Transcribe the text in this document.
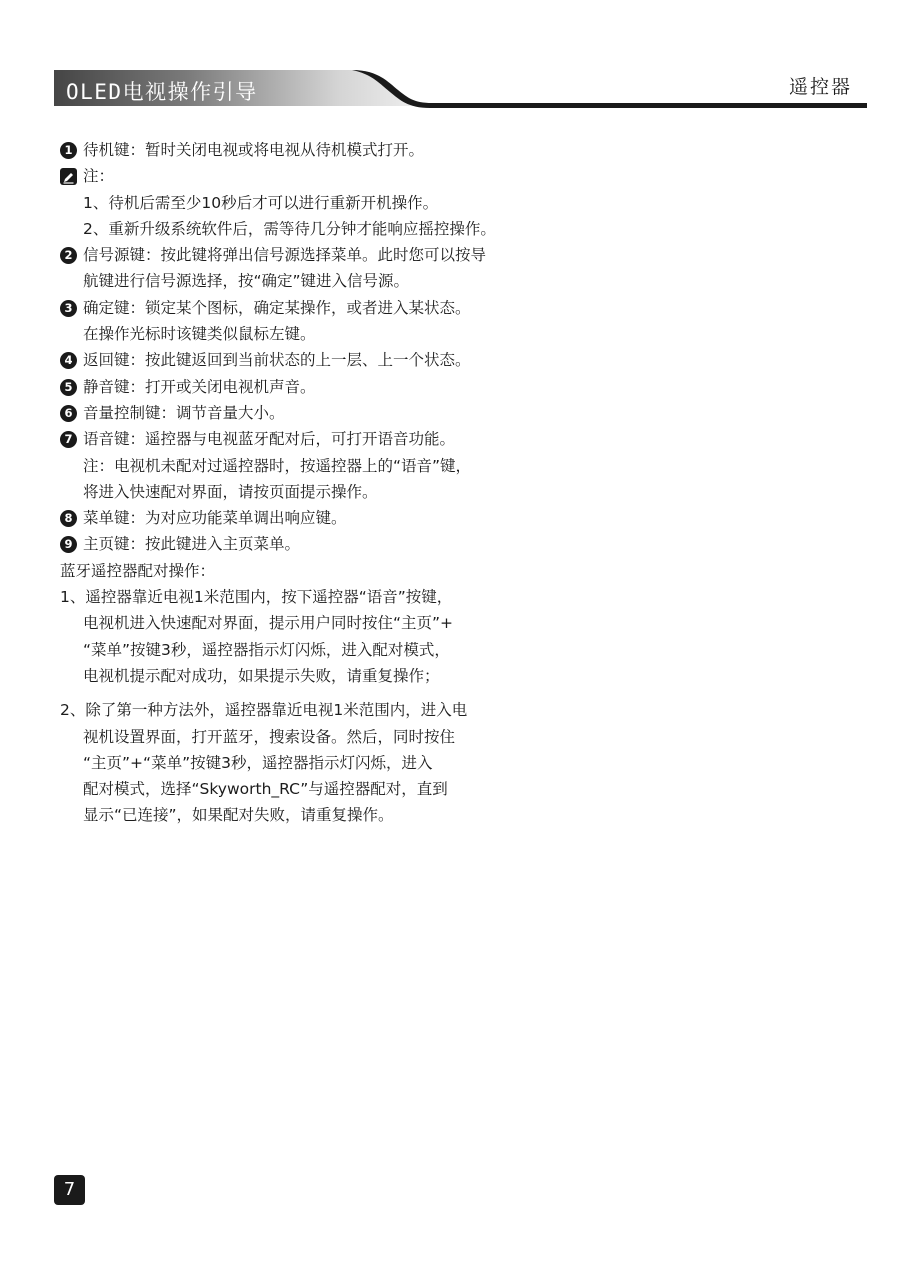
OLED电视操作引导	遥控器
1 待机键：暂时关闭电视或将电视从待机模式打开。
注：
1、待机后需至少10秒后才可以进行重新开机操作。
2、重新升级系统软件后，需等待几分钟才能响应摇控操作。
2 信号源键：按此键将弹出信号源选择菜单。此时您可以按导
航键进行信号源选择，按“确定”键进入信号源。
3 确定键：锁定某个图标，确定某操作，或者进入某状态。
在操作光标时该键类似鼠标左键。
4 返回键：按此键返回到当前状态的上一层、上一个状态。
5 静音键：打开或关闭电视机声音。
6 音量控制键：调节音量大小。
7 语音键：遥控器与电视蓝牙配对后，可打开语音功能。
注：电视机未配对过遥控器时，按遥控器上的“语音”键，
将进入快速配对界面，请按页面提示操作。
8 菜单键：为对应功能菜单调出响应键。
9 主页键：按此键进入主页菜单。
蓝牙遥控器配对操作：
1、遥控器靠近电视1米范围内，按下遥控器“语音”按键，
电视机进入快速配对界面，提示用户同时按住“主页”+
“菜单”按键3秒，遥控器指示灯闪烁，进入配对模式，
电视机提示配对成功，如果提示失败，请重复操作；
2、除了第一种方法外，遥控器靠近电视1米范围内，进入电
视机设置界面，打开蓝牙，搜索设备。然后，同时按住
“主页”+“菜单”按键3秒，遥控器指示灯闪烁，进入
配对模式，选择“Skyworth_RC”与遥控器配对，直到
显示“已连接”，如果配对失败，请重复操作。
7
